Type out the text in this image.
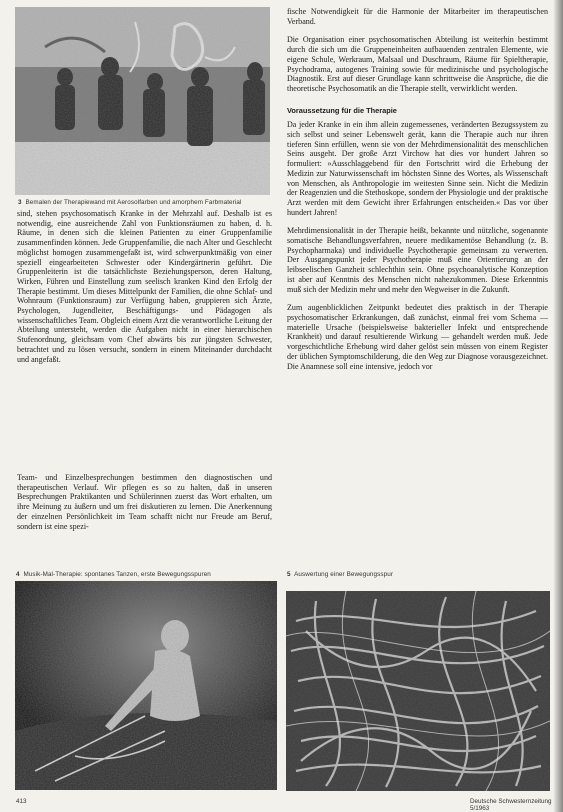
3 Bemalen der Therapiewand mit Aerosolfarben und amorphem Farbmaterial

sind, stehen psychosomatisch Kranke in der Mehrzahl auf. Deshalb ist es notwendig, eine ausreichende Zahl von Funktionsräumen zu haben, d. h. Räume, in denen sich die kleinen Patienten zu einer Gruppenfamilie zusammenfinden können. Jede Gruppenfamilie, die nach Alter und Geschlecht möglichst homogen zusammengefaßt ist, wird schwerpunktmäßig von einer speziell eingearbeiteten Schwester oder Kindergärtnerin geführt. Die Gruppenleiterin ist die tatsächlichste Beziehungsperson, deren Haltung, Wirken, Führen und Einstellung zum seelisch kranken Kind den Erfolg der Therapie bestimmt. Um dieses Mittelpunkt der Familien, die ohne Schlaf- und Wohnraum (Funktionsraum) zur Verfügung haben, gruppieren sich Ärzte, Psychologen, Jugendleiter, Beschäftigungs- und Pädagogen als wissenschaftliches Team. Obgleich einem Arzt die verantwortliche Leitung der Abteilung untersteht, werden die Aufgaben nicht in einer hierarchischen Stufenordnung, gleichsam vom Chef abwärts bis zur jüngsten Schwester, betrachtet und zu lösen versucht, sondern in einem Miteinander durchdacht und angefaßt.

Team- und Einzelbesprechungen bestimmen den diagnostischen und therapeutischen Verlauf. Wir pflegen es so zu halten, daß in unseren Besprechungen Praktikanten und Schülerinnen zuerst das Wort erhalten, um ihre Meinung zu äußern und um frei diskutieren zu lernen. Die Anerkennung der einzelnen Persönlichkeit im Team schafft nicht nur Freude am Beruf, sondern ist eine spezi-

fische Notwendigkeit für die Harmonie der Mitarbeiter im therapeutischen Verband.

Die Organisation einer psychosomatischen Abteilung ist weiterhin bestimmt durch die sich um die Gruppeneinheiten aufbauenden zentralen Elemente, wie eigene Schule, Werkraum, Malsaal und Duschraum, Räume für Spieltherapie, Psychodrama, autogenes Training sowie für medizinische und psychologische Diagnostik. Erst auf dieser Grundlage kann schrittweise die Ansprüche, die die theoretische Psychosomatik an die Therapie stellt, verwirklicht werden.

Voraussetzung für die Therapie

Da jeder Kranke in ein ihm allein zugemessenes, veränderten Bezugssystem zu sich selbst und seiner Lebenswelt gerät, kann die Therapie auch nur ihren tieferen Sinn erfüllen, wenn sie von der Mehrdimensionalität des menschlichen Seins ausgeht. Der große Arzt Virchow hat dies vor hundert Jahren so formuliert: »Ausschlaggebend für den Fortschritt wird die Erhebung der Medizin zur Naturwissenschaft im höchsten Sinne des Wortes, als Wissenschaft von Menschen, als Anthropologie im weitesten Sinne sein. Nicht die Medizin der Reagenzien und die Stethoskope, sondern der Physiologie und der praktische Arzt werden mit dem Gewicht ihrer Erfahrungen entscheiden.« Das vor über hundert Jahren!

Mehrdimensionalität in der Therapie heißt, bekannte und nützliche, sogenannte somatische Behandlungsverfahren, neuere medikamentöse Behandlung (z. B. Psychopharmaka) und individuelle Psychotherapie gemeinsam zu verwerten. Der Ausgangspunkt jeder Psychotherapie muß eine Orientierung an der leibseelischen Ganzheit schlechthin sein. Ohne psychoanalytische Konzeption ist aber auf Kenntnis des Menschen nicht nahezukommen. Diese Erkenntnis muß sich der Medizin mehr und mehr den Wegweiser in die Zukunft.

Zum augenblicklichen Zeitpunkt bedeutet dies praktisch in der Therapie psychosomatischer Erkrankungen, daß zunächst, einmal frei vom Schema — materielle Ursache (beispielsweise bakterieller Infekt und entsprechende Krankheit) und darauf resultierende Wirkung — gehandelt werden muß. Jede vorgeschichtliche Erhebung wird daher gelöst sein müssen von einem Register der üblichen Symptomschilderung, die den Weg zur Diagnose vorausgezeichnet. Die Anamnese soll eine intensive, jedoch vor

4 Musik-Mal-Therapie: spontanes Tanzen, erste Bewegungsspuren	5 Auswertung einer Bewegungsspur
413	Deutsche Schwesternzeitung 5/1963
